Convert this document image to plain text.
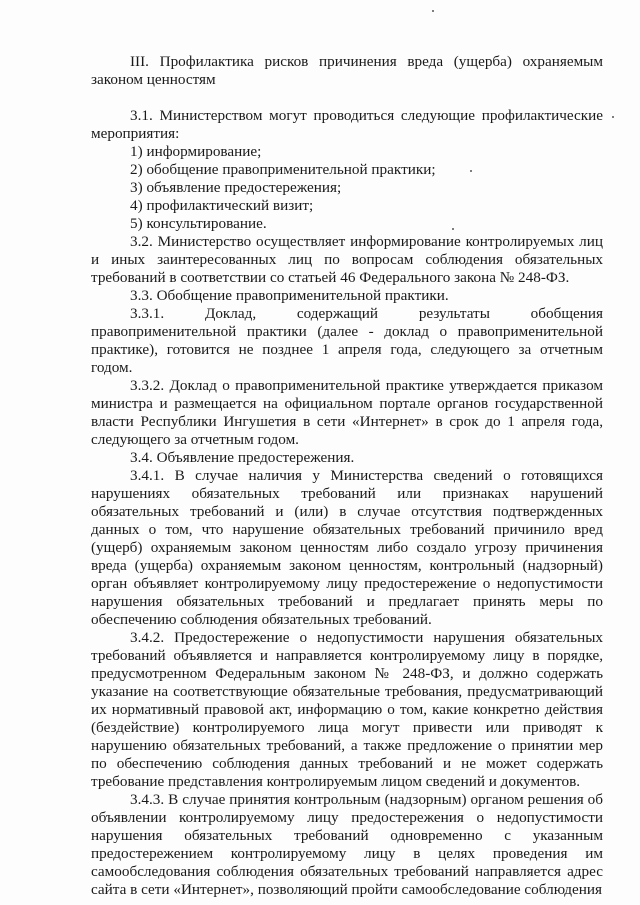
III. Профилактика рисков причинения вреда (ущерба) охраняемым законом ценностям

3.1. Министерством могут проводиться следующие профилактические мероприятия:

1) информирование;

2) обобщение правоприменительной практики;

3) объявление предостережения;

4) профилактический визит;

5) консультирование.

3.2. Министерство осуществляет информирование контролируемых лиц и иных заинтересованных лиц по вопросам соблюдения обязательных требований в соответствии со статьей 46 Федерального закона № 248-ФЗ.

3.3. Обобщение правоприменительной практики.

3.3.1. Доклад, содержащий результаты обобщения правоприменительной практики (далее - доклад о правоприменительной практике), готовится не позднее 1 апреля года, следующего за отчетным годом.

3.3.2. Доклад о правоприменительной практике утверждается приказом министра и размещается на официальном портале органов государственной власти Республики Ингушетия в сети «Интернет» в срок до 1 апреля года, следующего за отчетным годом.

3.4. Объявление предостережения.

3.4.1. В случае наличия у Министерства сведений о готовящихся нарушениях обязательных требований или признаках нарушений обязательных требований и (или) в случае отсутствия подтвержденных данных о том, что нарушение обязательных требований причинило вред (ущерб) охраняемым законом ценностям либо создало угрозу причинения вреда (ущерба) охраняемым законом ценностям, контрольный (надзорный) орган объявляет контролируемому лицу предостережение о недопустимости нарушения обязательных требований и предлагает принять меры по обеспечению соблюдения обязательных требований.

3.4.2. Предостережение о недопустимости нарушения обязательных требований объявляется и направляется контролируемому лицу в порядке, предусмотренном Федеральным законом № 248-ФЗ, и должно содержать указание на соответствующие обязательные требования, предусматривающий их нормативный правовой акт, информацию о том, какие конкретно действия (бездействие) контролируемого лица могут привести или приводят к нарушению обязательных требований, а также предложение о принятии мер по обеспечению соблюдения данных требований и не может содержать требование представления контролируемым лицом сведений и документов.

3.4.3. В случае принятия контрольным (надзорным) органом решения об объявлении контролируемому лицу предостережения о недопустимости нарушения обязательных требований одновременно с указанным предостережением контролируемому лицу в целях проведения им самообследования соблюдения обязательных требований направляется адрес сайта в сети «Интернет», позволяющий пройти самообследование соблюдения
